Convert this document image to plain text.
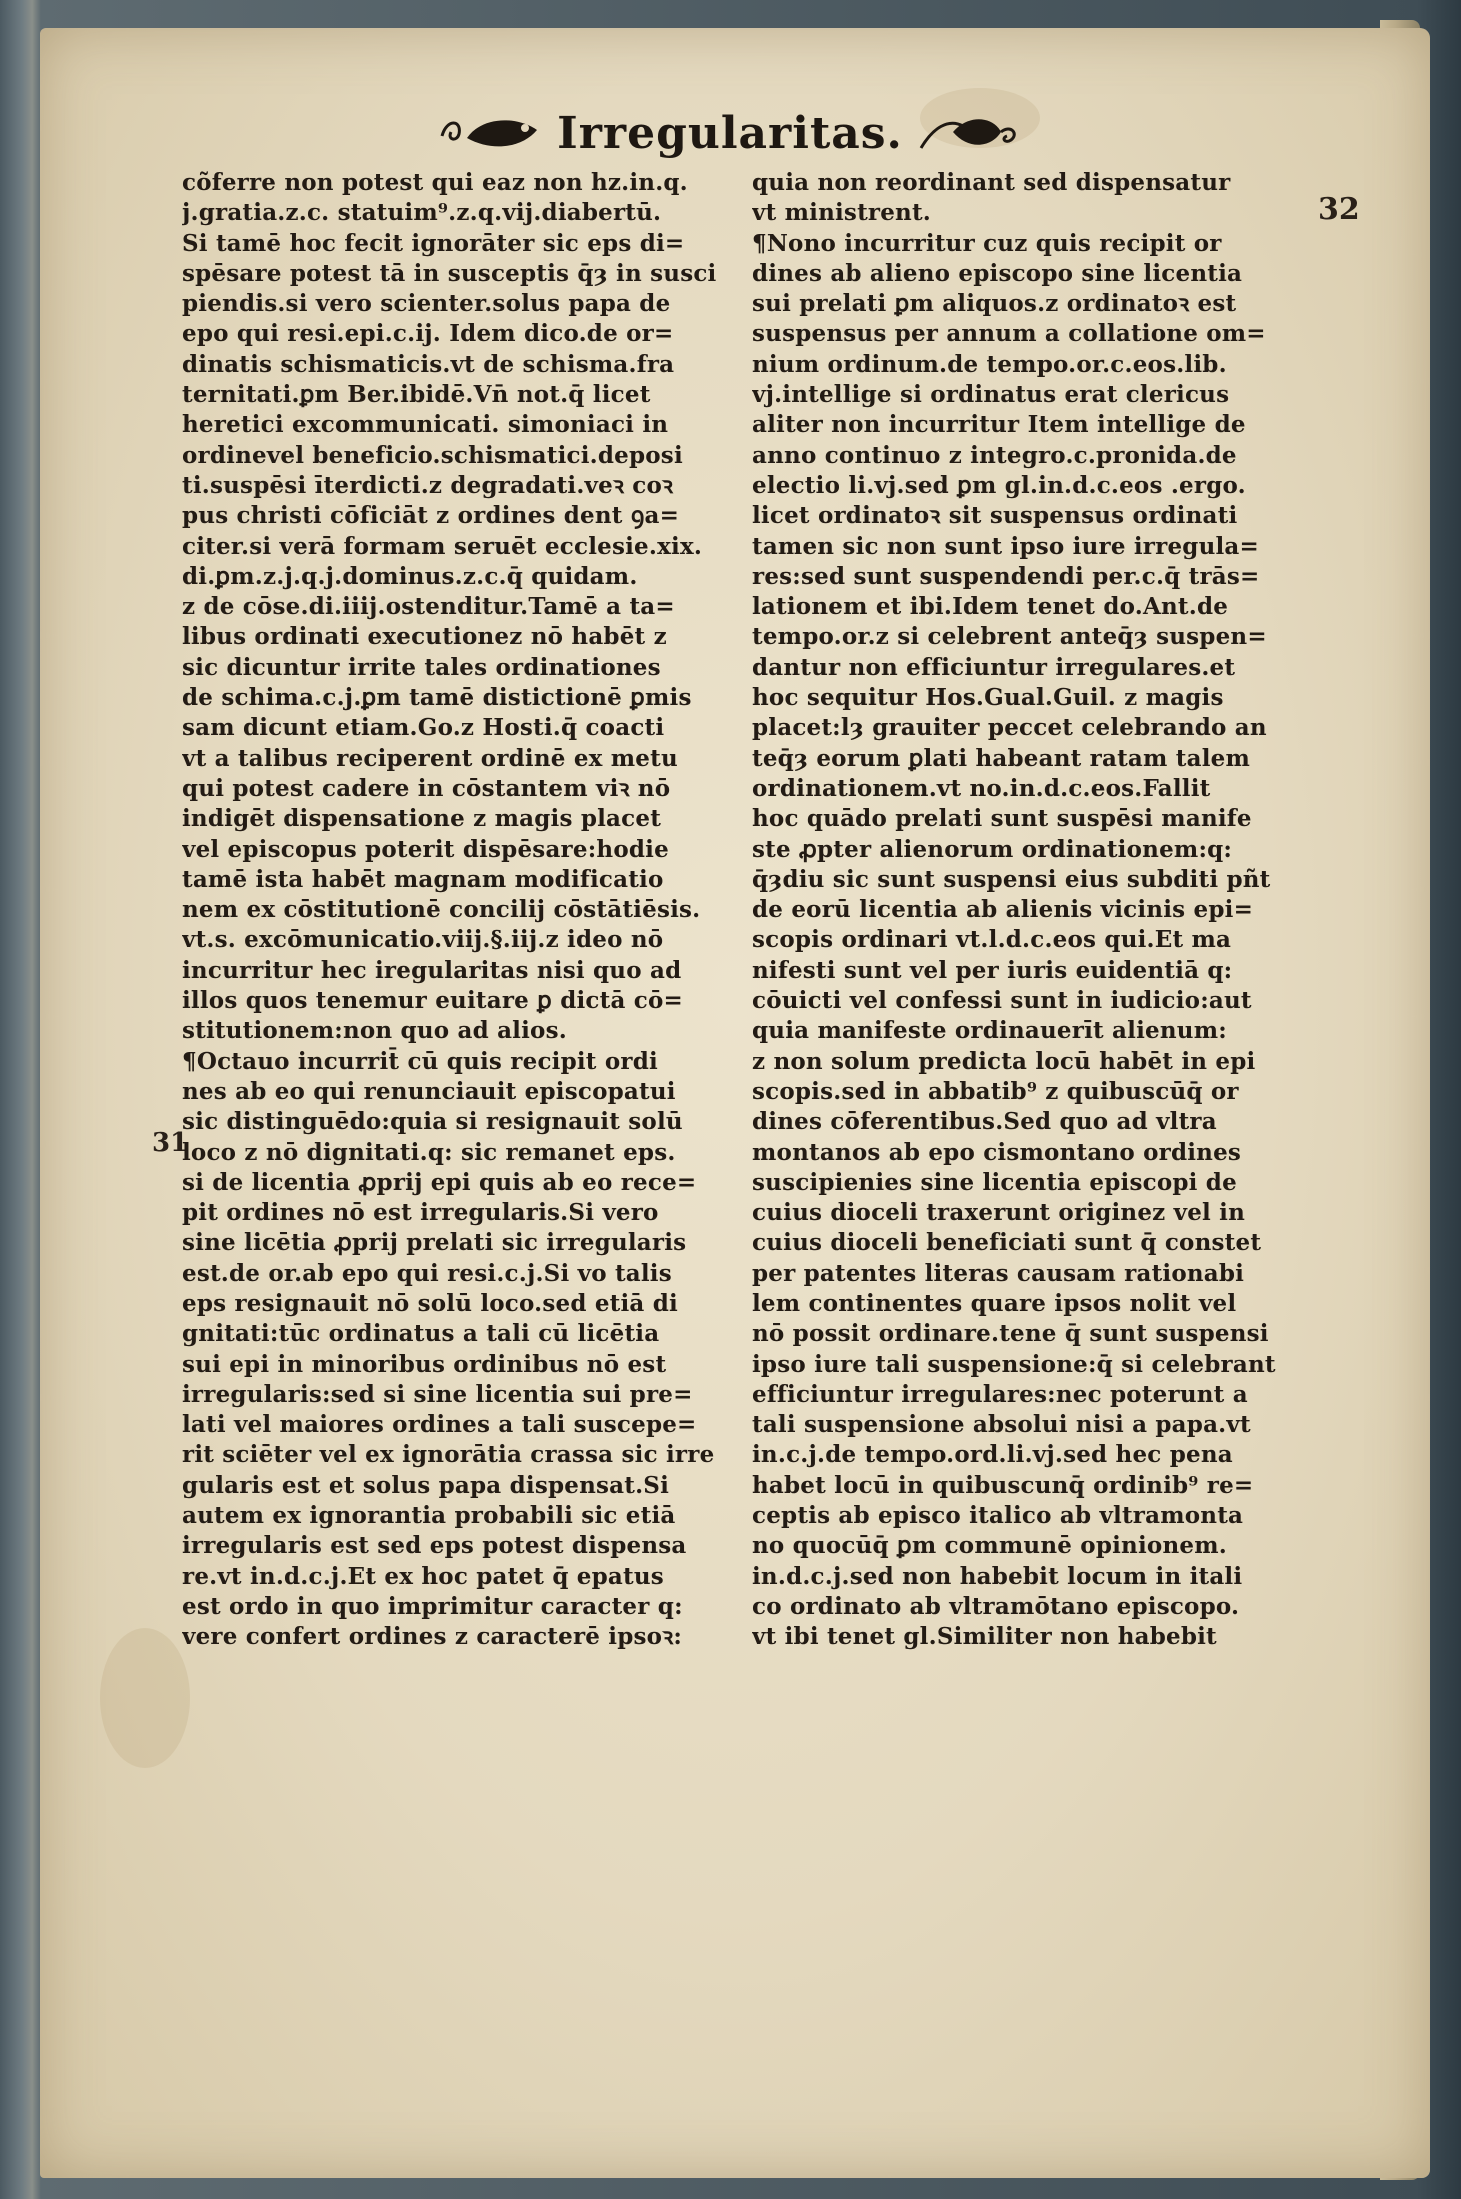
Irregularitas.
32
31
cõferre non potest qui eaz non hz.in.q.
j.gratia.z.c. statuim⁹.z.q.vij.diabertū.
Si tamē hoc fecit ignorāter sic eps di=
spēsare potest tā in susceptis q̄ȝ in susci
piendis.si vero scienter.solus papa de
epo qui resi.epi.c.ij. Idem dico.de or=
dinatis schismaticis.vt de schisma.fra
ternitati.ꝑm Ber.ibidē.Vn̄ not.q̄ licet
heretici excommunicati. simoniaci in
ordinevel beneficio.schismatici.deposi
ti.suspēsi īterdicti.z degradati.veꝛ coꝛ
pus christi cōficiāt z ordines dent ꝯa=
citer.si verā formam seruēt ecclesie.xix.
di.ꝑm.z.j.q.j.dominus.z.c.q̄ quidam.
z de cōse.di.iiij.ostenditur.Tamē a ta=
libus ordinati executionez nō habēt z
sic dicuntur irrite tales ordinationes
de schima.c.j.ꝑm tamē distictionē ꝑmis
sam dicunt etiam.Go.z Hosti.q̄ coacti
vt a talibus reciperent ordinē ex metu
qui potest cadere in cōstantem viꝛ nō
indigēt dispensatione z magis placet
vel episcopus poterit dispēsare:hodie
tamē ista habēt magnam modificatio
nem ex cōstitutionē concilij cōstātiēsis.
vt.s. excōmunicatio.viij.§.iij.z ideo nō
incurritur hec iregularitas nisi quo ad
illos quos tenemur euitare ꝑ dictā cō=
stitutionem:non quo ad alios.
¶Octauo incurrit̄ cū quis recipit ordi
nes ab eo qui renunciauit episcopatui
sic distinguēdo:quia si resignauit solū
loco z nō dignitati.q: sic remanet eps.
si de licentia ꝓprij epi quis ab eo rece=
pit ordines nō est irregularis.Si vero
sine licētia ꝓprij prelati sic irregularis
est.de or.ab epo qui resi.c.j.Si vo talis
eps resignauit nō solū loco.sed etiā di
gnitati:tūc ordinatus a tali cū licētia
sui epi in minoribus ordinibus nō est
irregularis:sed si sine licentia sui pre=
lati vel maiores ordines a tali suscepe=
rit sciēter vel ex ignorātia crassa sic irre
gularis est et solus papa dispensat.Si
autem ex ignorantia probabili sic etiā
irregularis est sed eps potest dispensa
re.vt in.d.c.j.Et ex hoc patet q̄ epatus
est ordo in quo imprimitur caracter q:
vere confert ordines z caracterē ipsoꝛ:
quia non reordinant sed dispensatur
vt ministrent.
¶Nono incurritur cuz quis recipit or
dines ab alieno episcopo sine licentia
sui prelati ꝑm aliquos.z ordinatoꝛ est
suspensus per annum a collatione om=
nium ordinum.de tempo.or.c.eos.lib.
vj.intellige si ordinatus erat clericus
aliter non incurritur Item intellige de
anno continuo z integro.c.pronida.de
electio li.vj.sed ꝑm gl.in.d.c.eos .ergo.
licet ordinatoꝛ sit suspensus ordinati
tamen sic non sunt ipso iure irregula=
res:sed sunt suspendendi per.c.q̄ trās=
lationem et ibi.Idem tenet do.Ant.de
tempo.or.z si celebrent anteq̄ȝ suspen=
dantur non efficiuntur irregulares.et
hoc sequitur Hos.Gual.Guil. z magis
placet:lȝ grauiter peccet celebrando an
teq̄ȝ eorum ꝑlati habeant ratam talem
ordinationem.vt no.in.d.c.eos.Fallit
hoc quādo prelati sunt suspēsi manife
ste ꝓpter alienorum ordinationem:q:
q̄ȝdiu sic sunt suspensi eius subditi pñt
de eorū licentia ab alienis vicinis epi=
scopis ordinari vt.l.d.c.eos qui.Et ma
nifesti sunt vel per iuris euidentiā q:
cōuicti vel confessi sunt in iudicio:aut
quia manifeste ordinauerīt alienum:
z non solum predicta locū habēt in epi
scopis.sed in abbatib⁹ z quibuscūq̄ or
dines cōferentibus.Sed quo ad vltra
montanos ab epo cismontano ordines
suscipienies sine licentia episcopi de
cuius dioceli traxerunt originez vel in
cuius dioceli beneficiati sunt q̄ constet
per patentes literas causam rationabi
lem continentes quare ipsos nolit vel
nō possit ordinare.tene q̄ sunt suspensi
ipso iure tali suspensione:q̄ si celebrant
efficiuntur irregulares:nec poterunt a
tali suspensione absolui nisi a papa.vt
in.c.j.de tempo.ord.li.vj.sed hec pena
habet locū in quibuscunq̄ ordinib⁹ re=
ceptis ab episco italico ab vltramonta
no quocūq̄ ꝑm communē opinionem.
in.d.c.j.sed non habebit locum in itali
co ordinato ab vltramōtano episcopo.
vt ibi tenet gl.Similiter non habebit
